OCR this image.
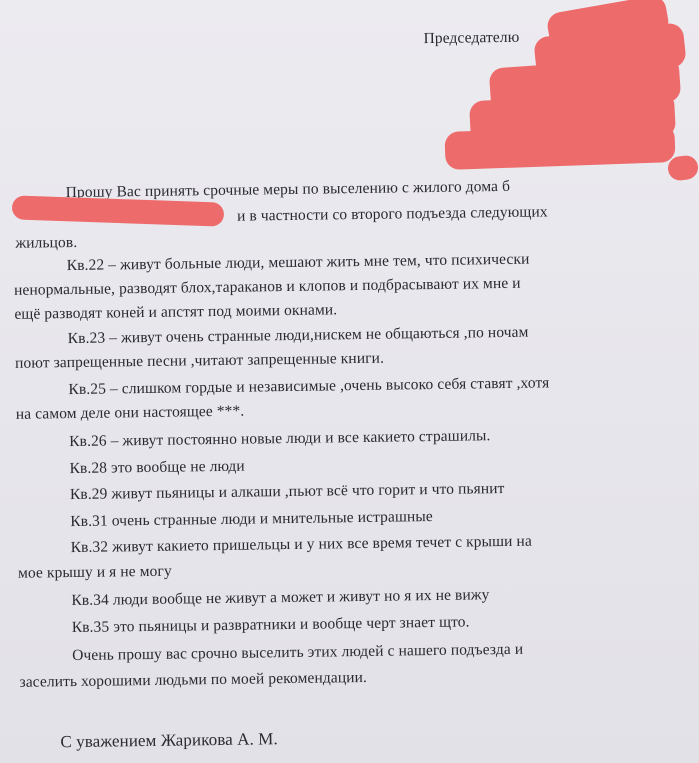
Председателю
Прошу Вас принять срочные меры по выселению с жилого дома б
и в частности со второго подъезда следующих
жильцов.
Кв.22 – живут больные люди, мешают жить мне тем, что психически
ненормальные, разводят блох,тараканов и клопов и подбрасывают их мне и
ещё разводят коней и апстят под моими окнами.
Кв.23 – живут очень странные люди,нискем не общаються ,по ночам
поют запрещенные песни ,читают запрещенные книги.
Кв.25 – слишком гордые и независимые ,очень высоко себя ставят ,хотя
на самом деле они настоящее ***.
Кв.26 – живут постоянно новые люди и все какието страшилы.
Кв.28 это вообще не люди
Кв.29 живут пьяницы и алкаши ,пьют всё что горит и что пьянит
Кв.31 очень странные люди и мнительные истрашные
Кв.32 живут какието пришельцы и у них все время течет с крыши на
мое крышу и я не могу
Кв.34 люди вообще не живут а может и живут но я их не вижу
Кв.35 это пьяницы и развратники и вообще черт знает щто.
Очень прошу вас срочно выселить этих людей с нашего подъезда и
заселить хорошими людьми по моей рекомендации.
С уважением Жарикова А. М.
